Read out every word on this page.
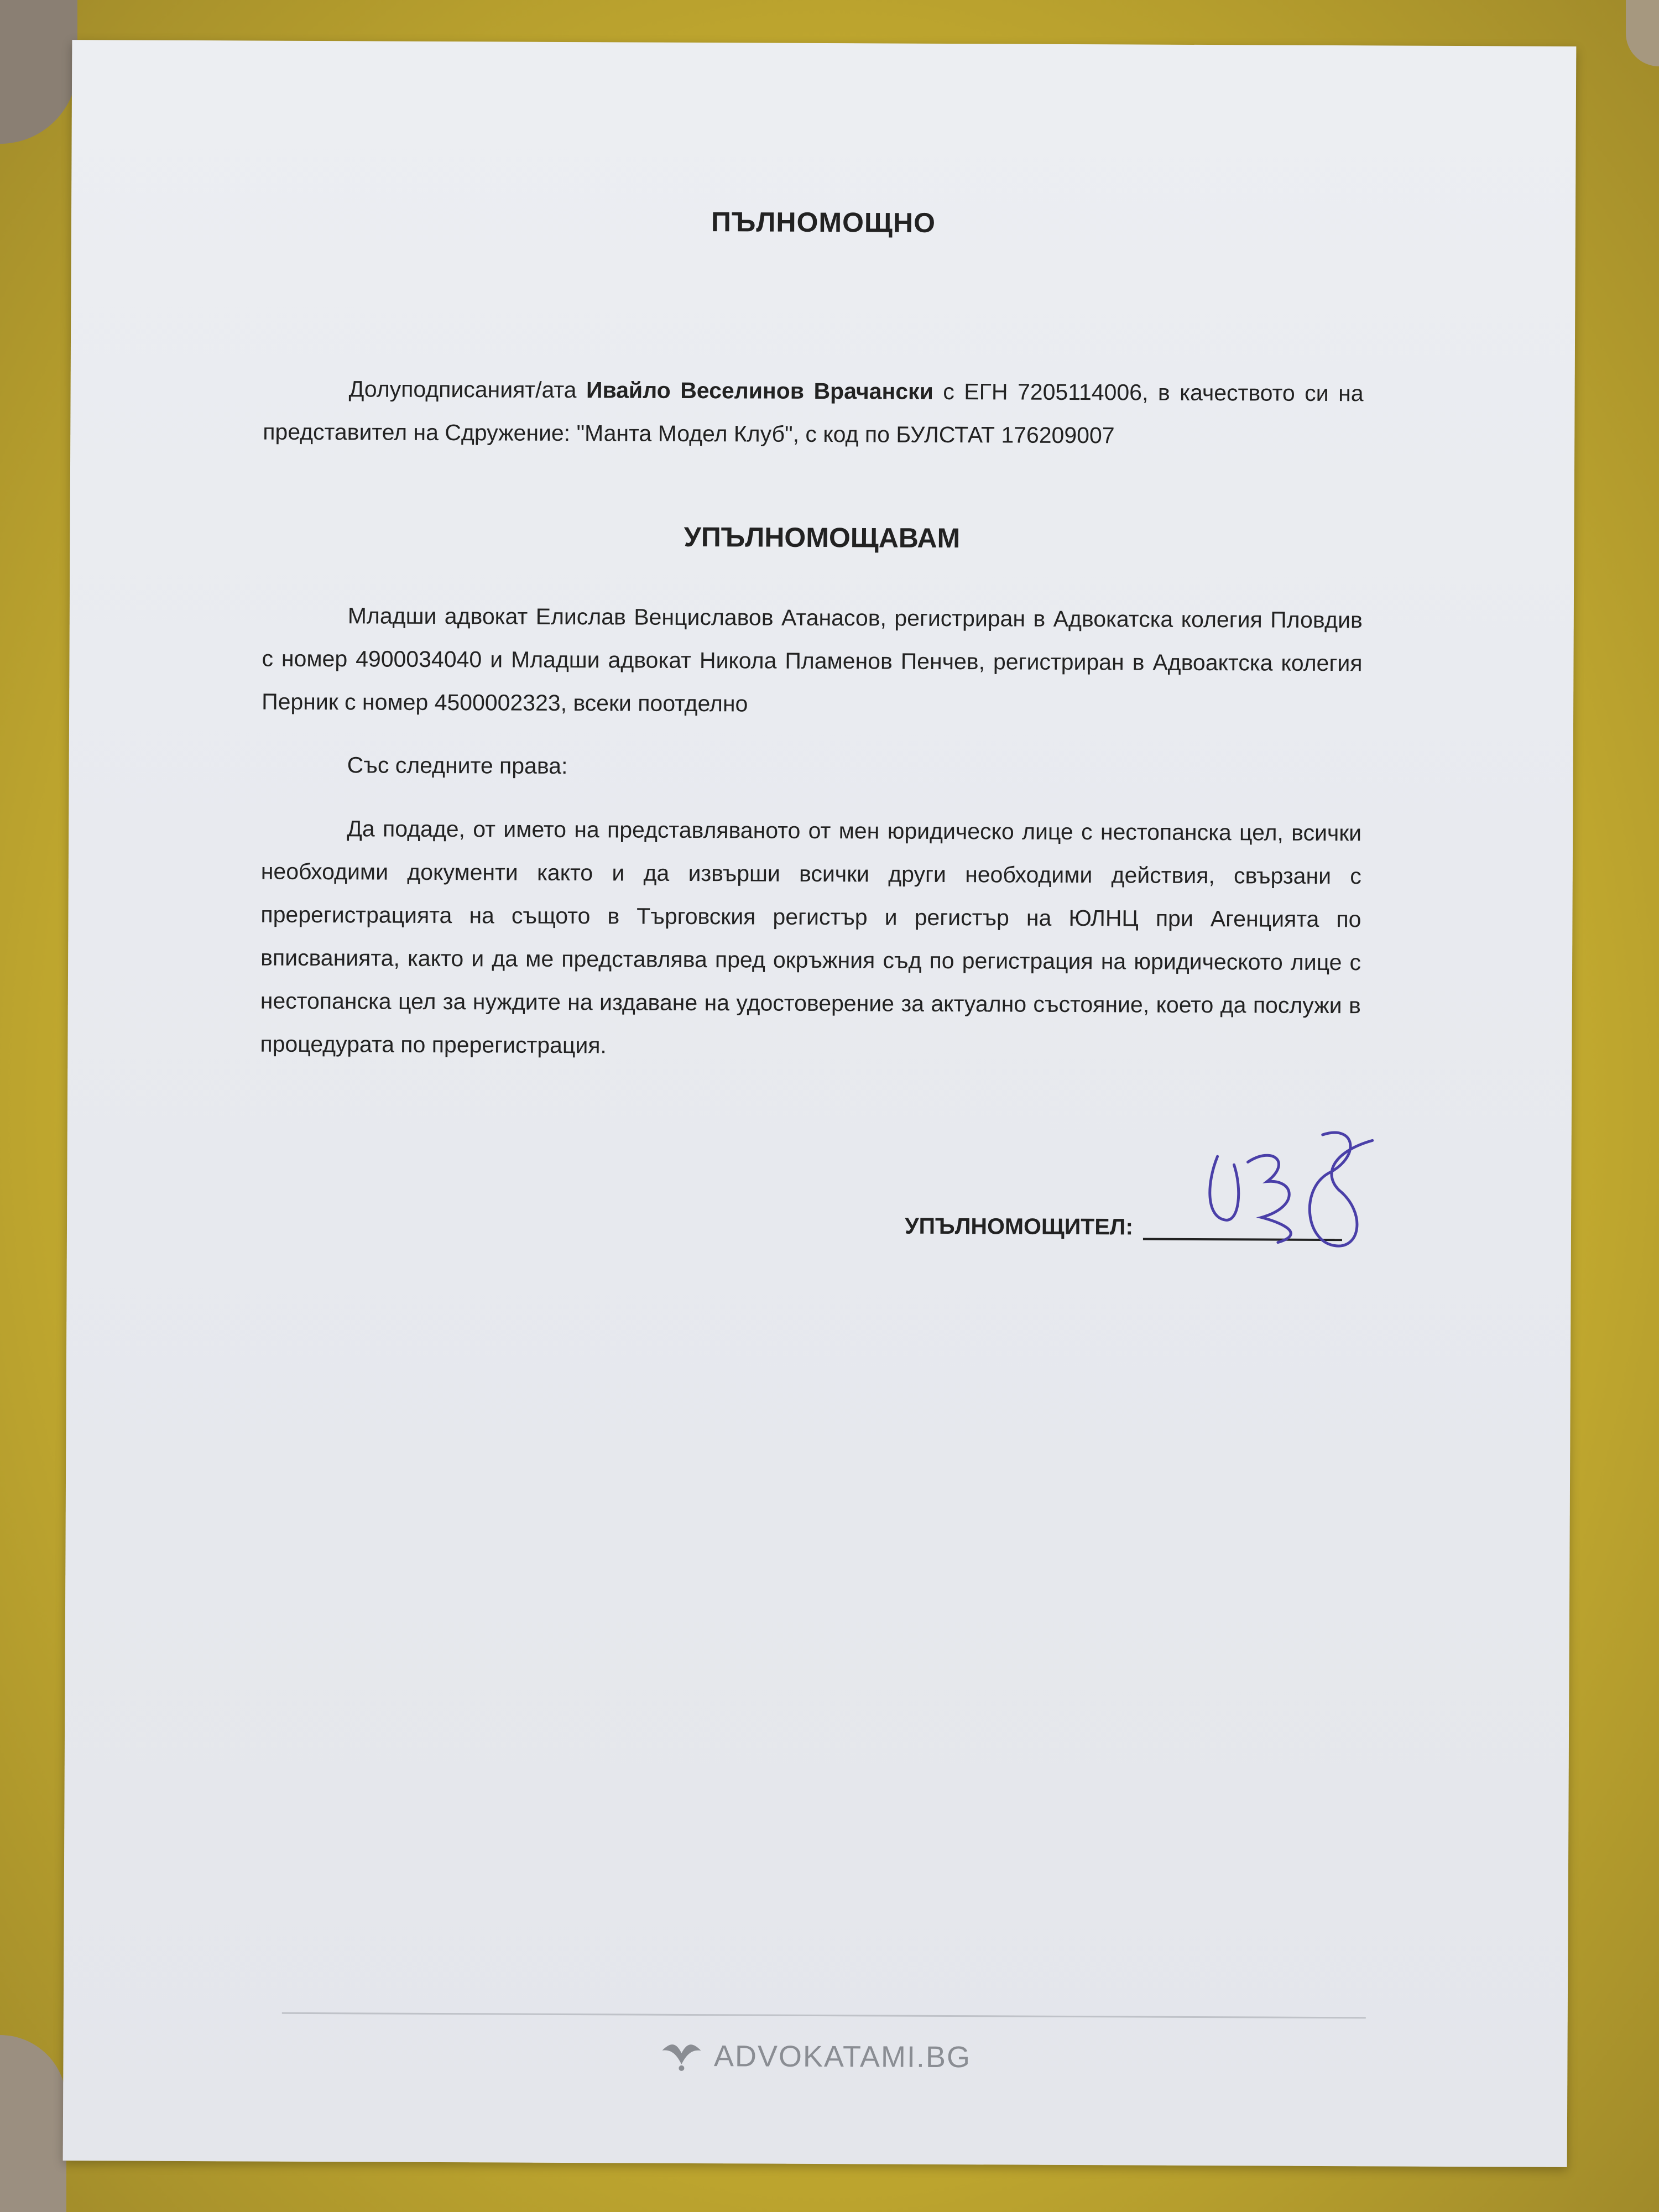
ПЪЛНОМОЩНО

Долуподписаният/ата Ивайло Веселинов Врачански с ЕГН 7205114006, в качеството си на представител на Сдружение: "Манта Модел Клуб", с код по БУЛСТАТ 176209007

УПЪЛНОМОЩАВАМ

Младши адвокат Елислав Венциславов Атанасов, регистриран в Адвокатска колегия Пловдив с номер 4900034040 и Младши адвокат Никола Пламенов Пенчев, регистриран в Адвоактска колегия Перник с номер 4500002323, всеки поотделно

Със следните права:

Да подаде, от името на представляваното от мен юридическо лице с нестопанска цел, всички необходими документи както и да извърши всички други необходими действия, свързани с пререгистрацията на същото в Търговския регистър и регистър на ЮЛНЦ при Агенцията по вписванията, както и да ме представлява пред окръжния съд по регистрация на юридическото лице с нестопанска цел за нуждите на издаване на удостоверение за актуално състояние, което да послужи в процедурата по пререгистрация.

УПЪЛНОМОЩИТЕЛ:
ADVOKATAMI.BG
